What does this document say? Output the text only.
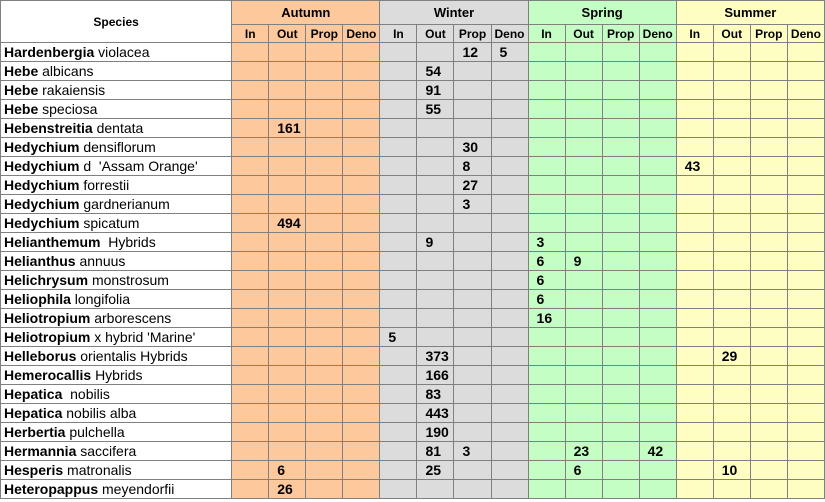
Species	Autumn				Winter				Spring				Summer			
	In	Out	Prop	Deno	In	Out	Prop	Deno	In	Out	Prop	Deno	In	Out	Prop	Deno
Hardenbergia violacea							12	5								
Hebe albicans						54										
Hebe rakaiensis						91										
Hebe speciosa						55										
Hebenstreitia dentata		161														
Hedychium densiflorum							30									
Hedychium d  'Assam Orange'							8						43			
Hedychium forrestii							27									
Hedychium gardnerianum							3									
Hedychium spicatum		494														
Helianthemum  Hybrids						9			3							
Helianthus annuus									6	9						
Helichrysum monstrosum									6							
Heliophila longifolia									6							
Heliotropium arborescens									16							
Heliotropium x hybrid 'Marine'					5											
Helleborus orientalis Hybrids						373								29		
Hemerocallis Hybrids						166										
Hepatica  nobilis						83										
Hepatica nobilis alba						443										
Herbertia pulchella						190										
Hermannia saccifera						81	3			23		42				
Hesperis matronalis		6				25				6				10		
Heteropappus meyendorfii		26														
